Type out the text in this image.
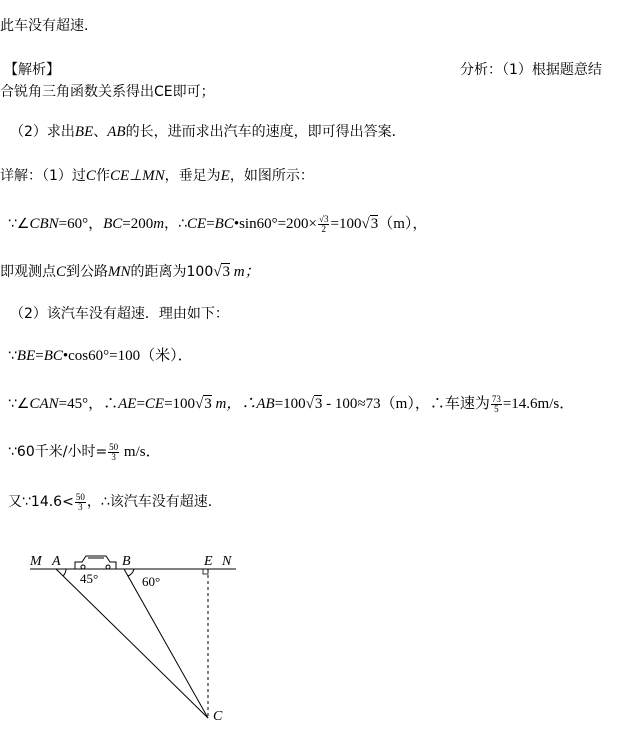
此车没有超速.
【解析】	分析：（1）根据题意结
合锐角三角函数关系得出CE即可；
（2）求出BE、AB的长，进而求出汽车的速度，即可得出答案．
详解：（1）过C作CE⊥MN，垂足为E，如图所示：
∵∠CBN=60°，BC=200m，∴CE=BC•sin60°=200× $\frac{√3}{2} =100√3(m)$，
即观测点C到公路MN的距离为100√3 m；
（2）该汽车没有超速．理由如下：
∵BE=BC•cos60°=100（米）．
∵∠CAN=45°，∴AE=CE=100√3 m，∴AB=100√3 - 100≈73（m），∴车速为 $\frac{73}{5} =14.6m/s$．
∵60千米/小时= $\frac{50}{3} m/s$．
又∵14.6< $\frac{50}{3}$ ，∴该汽车没有超速．
M A	B	E N
C
45°	60°
